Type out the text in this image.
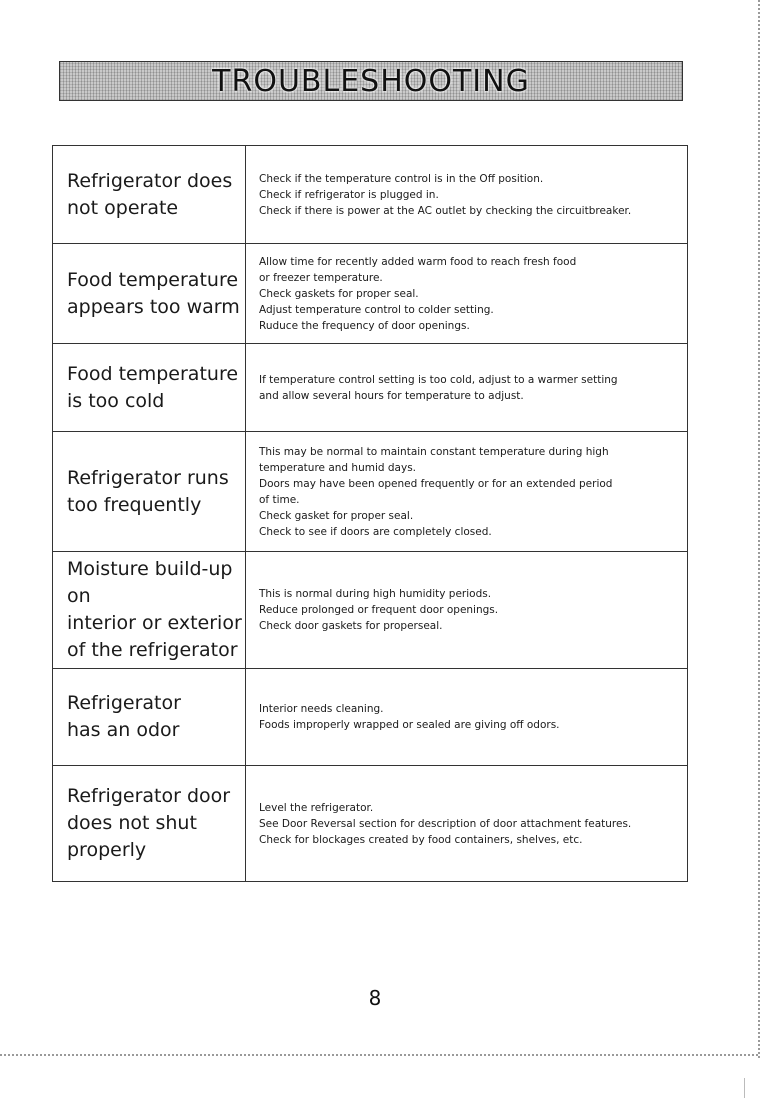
TROUBLESHOOTING
Refrigerator does
not operate
Check if the temperature control is in the Off position.
Check if refrigerator is plugged in.
Check if there is power at the AC outlet by checking the circuitbreaker.
Food temperature
appears too warm
Allow time for recently added warm food to reach fresh food
or freezer temperature.
Check gaskets for proper seal.
Adjust temperature control to colder setting.
Ruduce the frequency of door openings.
Food temperature
is too cold
If temperature control setting is too cold, adjust to a warmer setting
and allow several hours for temperature to adjust.
Refrigerator runs
too frequently
This may be normal to maintain constant temperature during high
temperature and humid days.
Doors may have been opened frequently or for an extended period
of time.
Check gasket for proper seal.
Check to see if doors are completely closed.
Moisture build-up on
interior or exterior
of the refrigerator
This is normal during high humidity periods.
Reduce prolonged or frequent door openings.
Check door gaskets for properseal.
Refrigerator
has an odor
Interior needs cleaning.
Foods improperly wrapped or sealed are giving off odors.
Refrigerator door
does not shut
properly
Level the refrigerator.
See Door Reversal section for description of door attachment features.
Check for blockages created by food containers, shelves, etc.
8
